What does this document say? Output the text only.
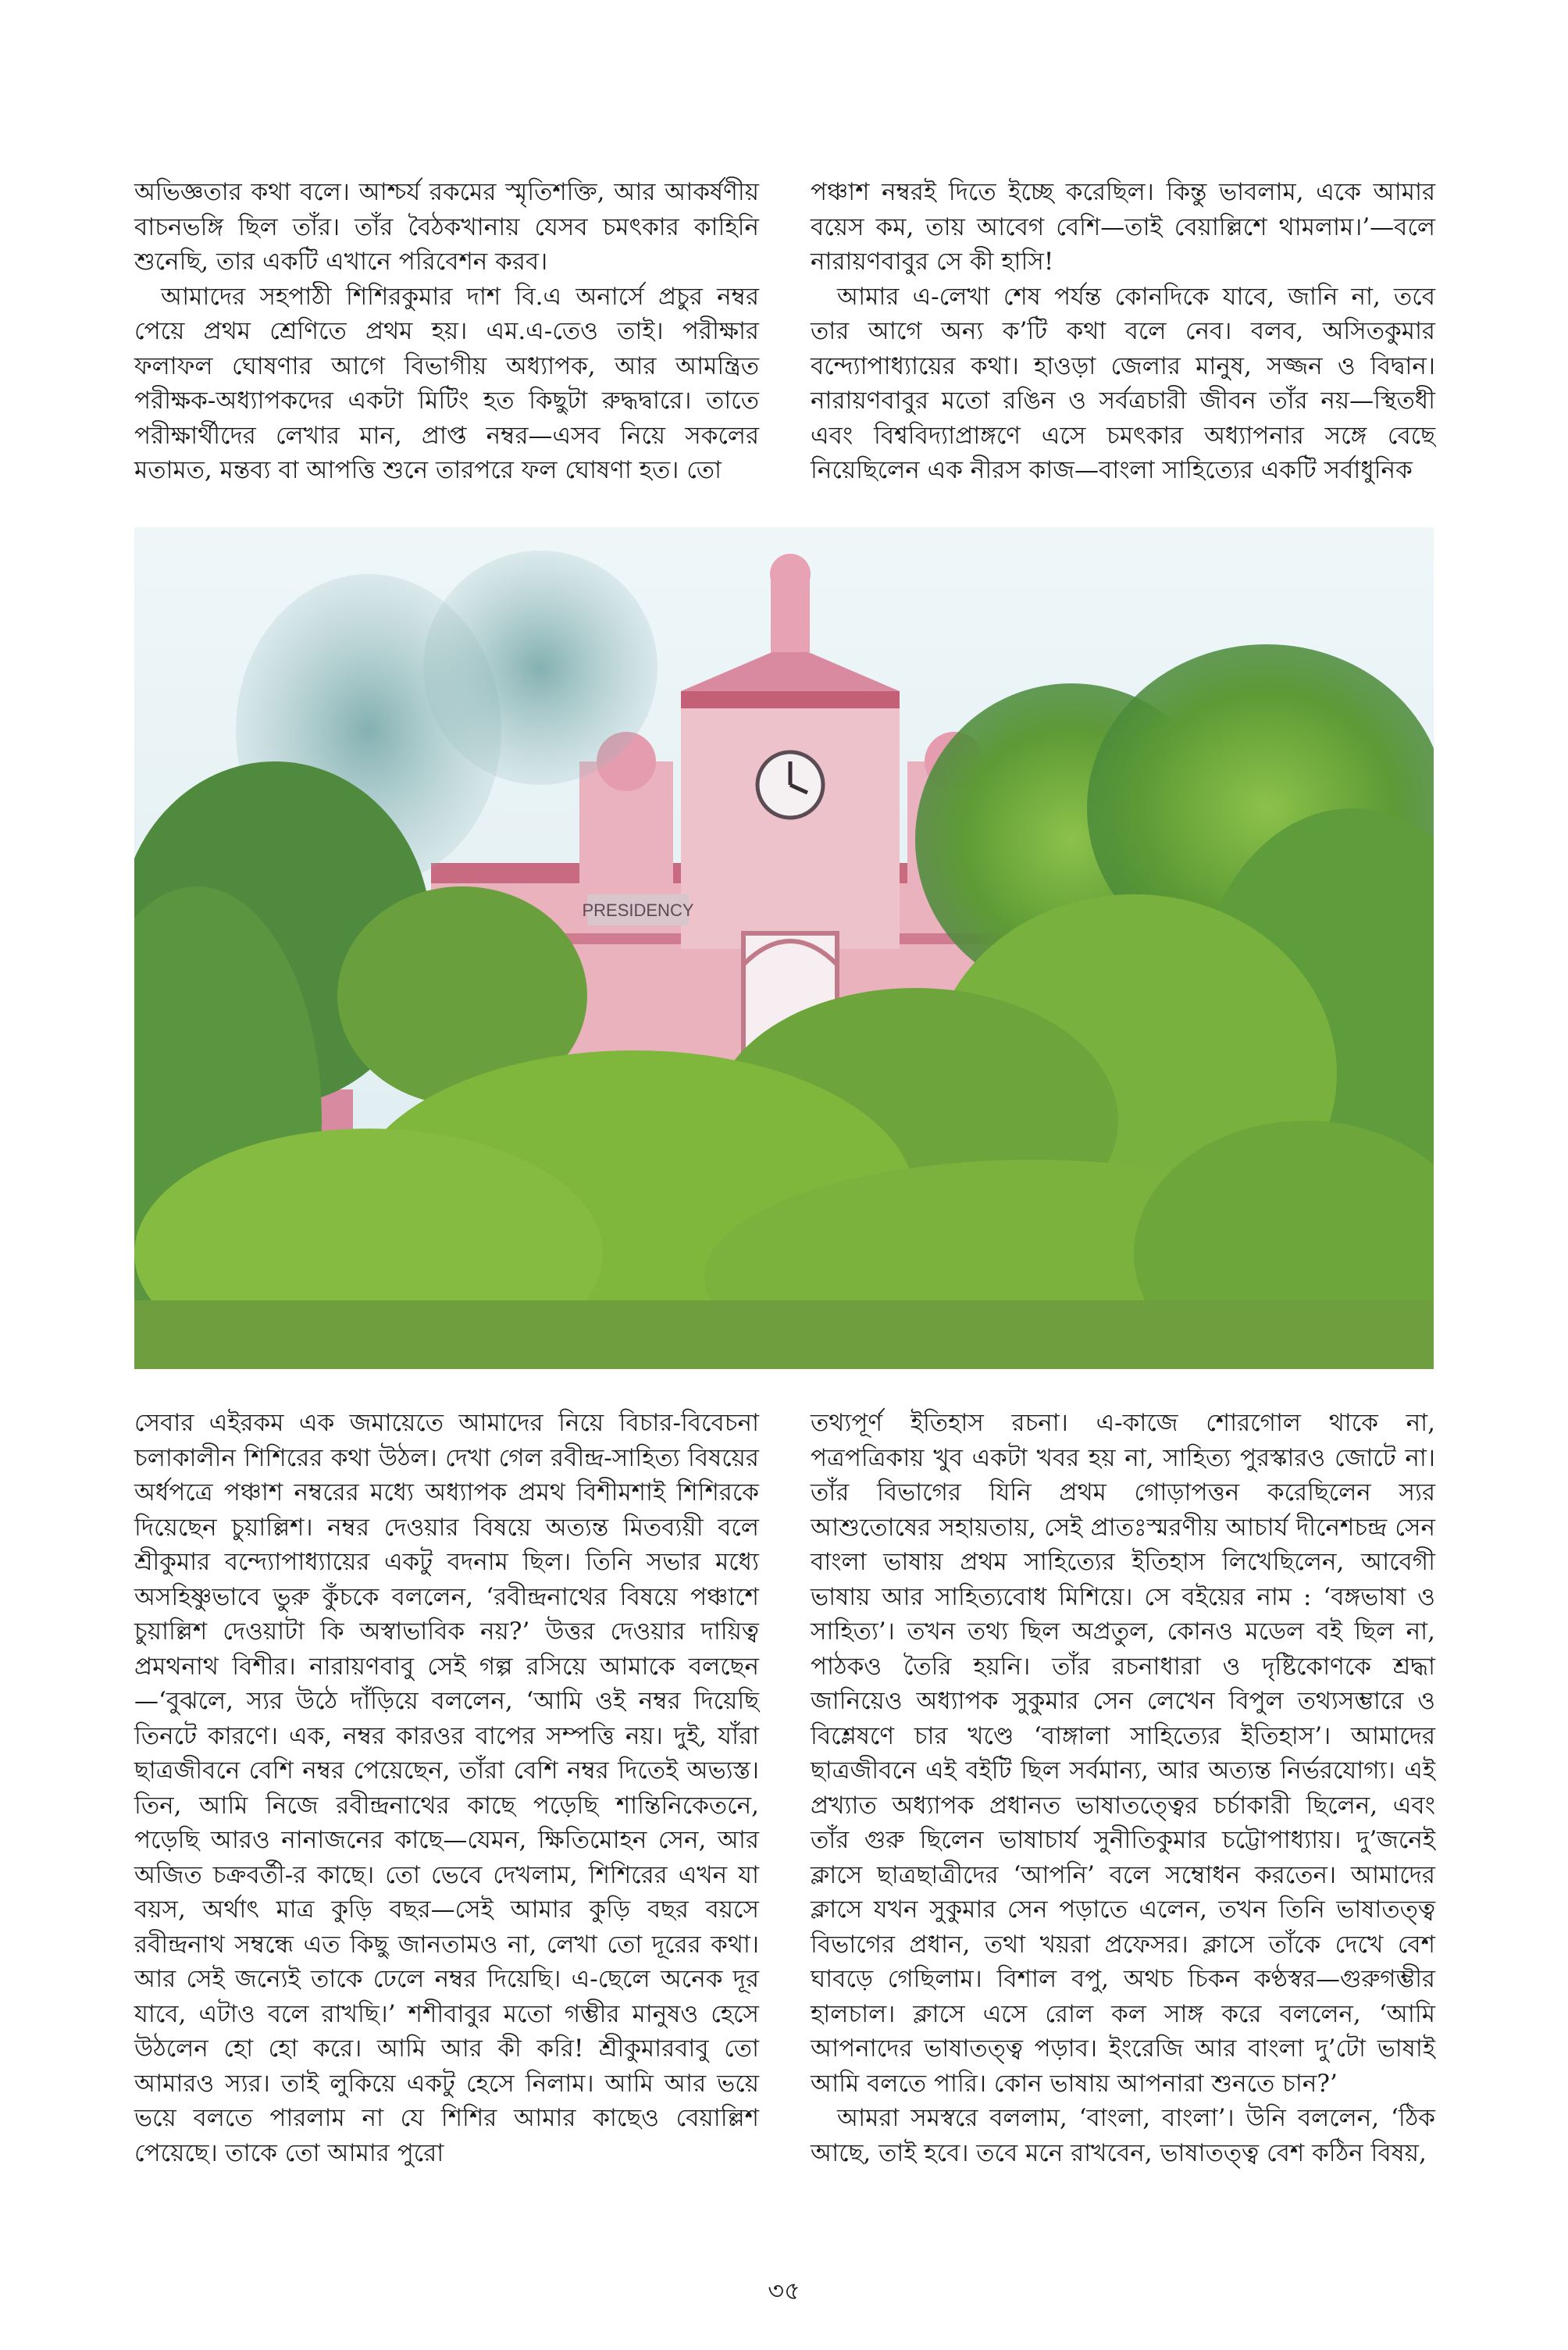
অভিজ্ঞতার কথা বলে। আশ্চর্য রকমের স্মৃতিশক্তি, আর আকর্ষণীয় বাচনভঙ্গি ছিল তাঁর। তাঁর বৈঠকখানায় যেসব চমৎকার কাহিনি শুনেছি, তার একটি এখানে পরিবেশন করব।

আমাদের সহপাঠী শিশিরকুমার দাশ বি.এ অনার্সে প্রচুর নম্বর পেয়ে প্রথম শ্রেণিতে প্রথম হয়। এম.এ-তেও তাই। পরীক্ষার ফলাফল ঘোষণার আগে বিভাগীয় অধ্যাপক, আর আমন্ত্রিত পরীক্ষক-অধ্যাপকদের একটা মিটিং হত কিছুটা রুদ্ধদ্বারে। তাতে পরীক্ষার্থীদের লেখার মান, প্রাপ্ত নম্বর—এসব নিয়ে সকলের মতামত, মন্তব্য বা আপত্তি শুনে তারপরে ফল ঘোষণা হত। তো

পঞ্চাশ নম্বরই দিতে ইচ্ছে করেছিল। কিন্তু ভাবলাম, একে আমার বয়েস কম, তায় আবেগ বেশি—তাই বেয়াল্লিশে থামলাম।’—বলে নারায়ণবাবুর সে কী হাসি!

আমার এ-লেখা শেষ পর্যন্ত কোনদিকে যাবে, জানি না, তবে তার আগে অন্য ক’টি কথা বলে নেব। বলব, অসিতকুমার বন্দ্যোপাধ্যায়ের কথা। হাওড়া জেলার মানুষ, সজ্জন ও বিদ্বান। নারায়ণবাবুর মতো রঙিন ও সর্বত্রচারী জীবন তাঁর নয়—স্থিতধী এবং বিশ্ববিদ্যাপ্রাঙ্গণে এসে চমৎকার অধ্যাপনার সঙ্গে বেছে নিয়েছিলেন এক নীরস কাজ—বাংলা সাহিত্যের একটি সর্বাধুনিক

PRESIDENCY

সেবার এইরকম এক জমায়েতে আমাদের নিয়ে বিচার-বিবেচনা চলাকালীন শিশিরের কথা উঠল। দেখা গেল রবীন্দ্র-সাহিত্য বিষয়ের অর্ধপত্রে পঞ্চাশ নম্বরের মধ্যে অধ্যাপক প্রমথ বিশীমশাই শিশিরকে দিয়েছেন চুয়াল্লিশ। নম্বর দেওয়ার বিষয়ে অত্যন্ত মিতব্যয়ী বলে শ্রীকুমার বন্দ্যোপাধ্যায়ের একটু বদনাম ছিল। তিনি সভার মধ্যে অসহিষ্ণুভাবে ভুরু কুঁচকে বললেন, ‘রবীন্দ্রনাথের বিষয়ে পঞ্চাশে চুয়াল্লিশ দেওয়াটা কি অস্বাভাবিক নয়?’ উত্তর দেওয়ার দায়িত্ব প্রমথনাথ বিশীর। নারায়ণবাবু সেই গল্প রসিয়ে আমাকে বলছেন—‘বুঝলে, স্যর উঠে দাঁড়িয়ে বললেন, ‘আমি ওই নম্বর দিয়েছি তিনটে কারণে। এক, নম্বর কারওর বাপের সম্পত্তি নয়। দুই, যাঁরা ছাত্রজীবনে বেশি নম্বর পেয়েছেন, তাঁরা বেশি নম্বর দিতেই অভ্যস্ত। তিন, আমি নিজে রবীন্দ্রনাথের কাছে পড়েছি শান্তিনিকেতনে, পড়েছি আরও নানাজনের কাছে—যেমন, ক্ষিতিমোহন সেন, আর অজিত চক্রবর্তী-র কাছে। তো ভেবে দেখলাম, শিশিরের এখন যা বয়স, অর্থাৎ মাত্র কুড়ি বছর—সেই আমার কুড়ি বছর বয়সে রবীন্দ্রনাথ সম্বন্ধে এত কিছু জানতামও না, লেখা তো দূরের কথা। আর সেই জন্যেই তাকে ঢেলে নম্বর দিয়েছি। এ-ছেলে অনেক দূর যাবে, এটাও বলে রাখছি।’ শশীবাবুর মতো গম্ভীর মানুষও হেসে উঠলেন হো হো করে। আমি আর কী করি! শ্রীকুমারবাবু তো আমারও স্যর। তাই লুকিয়ে একটু হেসে নিলাম। আমি আর ভয়ে ভয়ে বলতে পারলাম না যে শিশির আমার কাছেও বেয়াল্লিশ পেয়েছে। তাকে তো আমার পুরো

তথ্যপূর্ণ ইতিহাস রচনা। এ-কাজে শোরগোল থাকে না, পত্রপত্রিকায় খুব একটা খবর হয় না, সাহিত্য পুরস্কারও জোটে না। তাঁর বিভাগের যিনি প্রথম গোড়াপত্তন করেছিলেন স্যর আশুতোষের সহায়তায়, সেই প্রাতঃস্মরণীয় আচার্য দীনেশচন্দ্র সেন বাংলা ভাষায় প্রথম সাহিত্যের ইতিহাস লিখেছিলেন, আবেগী ভাষায় আর সাহিত্যবোধ মিশিয়ে। সে বইয়ের নাম : ‘বঙ্গভাষা ও সাহিত্য’। তখন তথ্য ছিল অপ্রতুল, কোনও মডেল বই ছিল না, পাঠকও তৈরি হয়নি। তাঁর রচনাধারা ও দৃষ্টিকোণকে শ্রদ্ধা জানিয়েও অধ্যাপক সুকুমার সেন লেখেন বিপুল তথ্যসম্ভারে ও বিশ্লেষণে চার খণ্ডে ‘বাঙ্গালা সাহিত্যের ইতিহাস’। আমাদের ছাত্রজীবনে এই বইটি ছিল সর্বমান্য, আর অত্যন্ত নির্ভরযোগ্য। এই প্রখ্যাত অধ্যাপক প্রধানত ভাষাতত্ত্বের চর্চাকারী ছিলেন, এবং তাঁর গুরু ছিলেন ভাষাচার্য সুনীতিকুমার চট্টোপাধ্যায়। দু’জনেই ক্লাসে ছাত্রছাত্রীদের ‘আপনি’ বলে সম্বোধন করতেন। আমাদের ক্লাসে যখন সুকুমার সেন পড়াতে এলেন, তখন তিনি ভাষাতত্ত্ব বিভাগের প্রধান, তথা খয়রা প্রফেসর। ক্লাসে তাঁকে দেখে বেশ ঘাবড়ে গেছিলাম। বিশাল বপু, অথচ চিকন কণ্ঠস্বর—গুরুগম্ভীর হালচাল। ক্লাসে এসে রোল কল সাঙ্গ করে বললেন, ‘আমি আপনাদের ভাষাতত্ত্ব পড়াব। ইংরেজি আর বাংলা দু’টো ভাষাই আমি বলতে পারি। কোন ভাষায় আপনারা শুনতে চান?’

আমরা সমস্বরে বললাম, ‘বাংলা, বাংলা’। উনি বললেন, ‘ঠিক আছে, তাই হবে। তবে মনে রাখবেন, ভাষাতত্ত্ব বেশ কঠিন বিষয়,

৩৫
